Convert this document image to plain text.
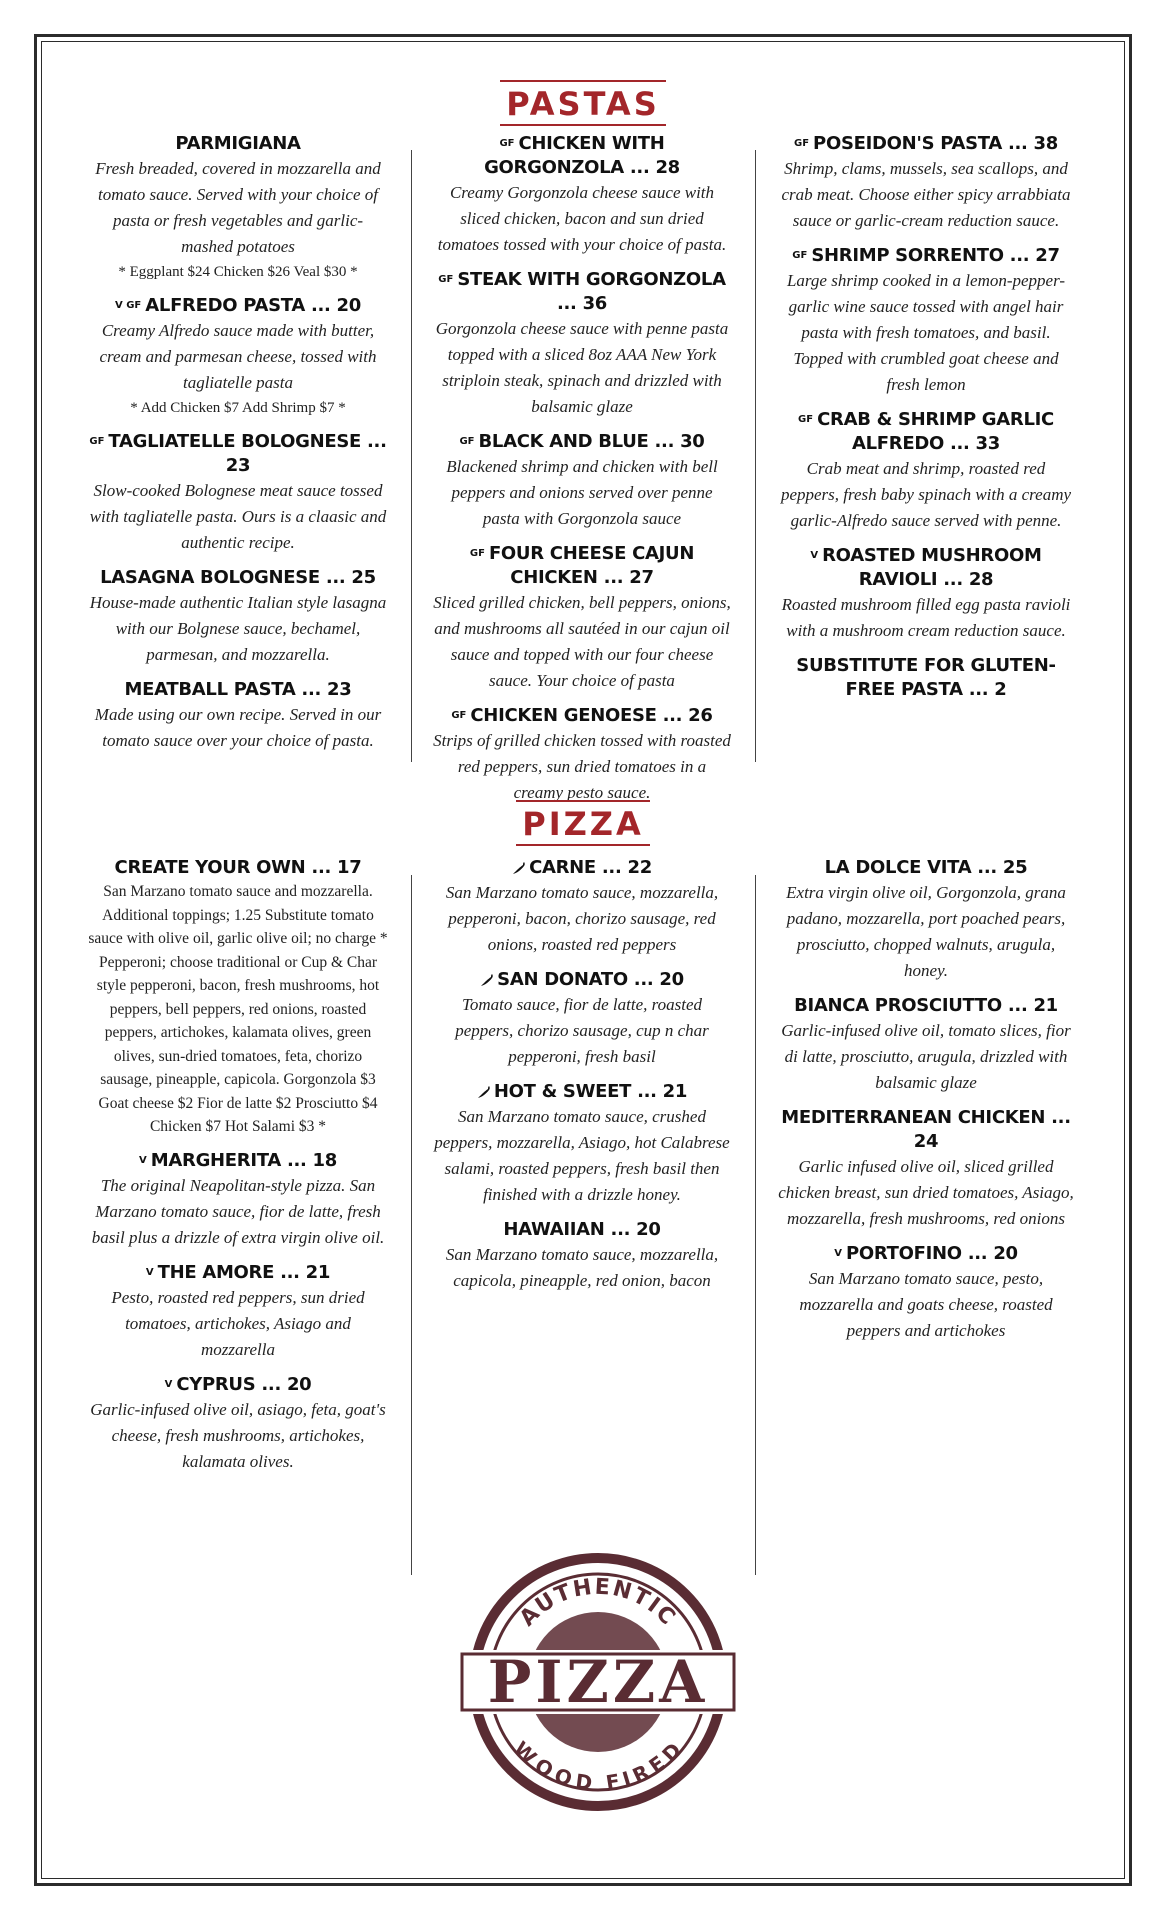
PASTAS
PARMIGIANA
Fresh breaded, covered in mozzarella and tomato sauce. Served with your choice of pasta or fresh vegetables and garlic-mashed potatoes
* Eggplant $24 Chicken $26 Veal $30 *
V GF ALFREDO PASTA ... 20
Creamy Alfredo sauce made with butter, cream and parmesan cheese, tossed with tagliatelle pasta
* Add Chicken $7 Add Shrimp $7 *
GF TAGLIATELLE BOLOGNESE ... 23
Slow-cooked Bolognese meat sauce tossed with tagliatelle pasta. Ours is a claasic and authentic recipe.
LASAGNA BOLOGNESE ... 25
House-made authentic Italian style lasagna with our Bolgnese sauce, bechamel, parmesan, and mozzarella.
MEATBALL PASTA ... 23
Made using our own recipe. Served in our tomato sauce over your choice of pasta.
GF CHICKEN WITH GORGONZOLA ... 28
Creamy Gorgonzola cheese sauce with sliced chicken, bacon and sun dried tomatoes tossed with your choice of pasta.
GF STEAK WITH GORGONZOLA ... 36
Gorgonzola cheese sauce with penne pasta topped with a sliced 8oz AAA New York striploin steak, spinach and drizzled with balsamic glaze
GF BLACK AND BLUE ... 30
Blackened shrimp and chicken with bell peppers and onions served over penne pasta with Gorgonzola sauce
GF FOUR CHEESE CAJUN CHICKEN ... 27
Sliced grilled chicken, bell peppers, onions, and mushrooms all sautéed in our cajun oil sauce and topped with our four cheese sauce. Your choice of pasta
GF CHICKEN GENOESE ... 26
Strips of grilled chicken tossed with roasted red peppers, sun dried tomatoes in a creamy pesto sauce.
GF POSEIDON'S PASTA ... 38
Shrimp, clams, mussels, sea scallops, and crab meat. Choose either spicy arrabbiata sauce or garlic-cream reduction sauce.
GF SHRIMP SORRENTO ... 27
Large shrimp cooked in a lemon-pepper-garlic wine sauce tossed with angel hair pasta with fresh tomatoes, and basil. Topped with crumbled goat cheese and fresh lemon
GF CRAB & SHRIMP GARLIC ALFREDO ... 33
Crab meat and shrimp, roasted red peppers, fresh baby spinach with a creamy garlic-Alfredo sauce served with penne.
V ROASTED MUSHROOM RAVIOLI ... 28
Roasted mushroom filled egg pasta ravioli with a mushroom cream reduction sauce.
SUBSTITUTE FOR GLUTEN-FREE PASTA ... 2
PIZZA
CREATE YOUR OWN ... 17
San Marzano tomato sauce and mozzarella. Additional toppings; 1.25 Substitute tomato sauce with olive oil, garlic olive oil; no charge * Pepperoni; choose traditional or Cup & Char style pepperoni, bacon, fresh mushrooms, hot peppers, bell peppers, red onions, roasted peppers, artichokes, kalamata olives, green olives, sun-dried tomatoes, feta, chorizo sausage, pineapple, capicola. Gorgonzola $3 Goat cheese $2 Fior de latte $2 Prosciutto $4 Chicken $7 Hot Salami $3 *
V MARGHERITA ... 18
The original Neapolitan-style pizza. San Marzano tomato sauce, fior de latte, fresh basil plus a drizzle of extra virgin olive oil.
V THE AMORE ... 21
Pesto, roasted red peppers, sun dried tomatoes, artichokes, Asiago and mozzarella
V CYPRUS ... 20
Garlic-infused olive oil, asiago, feta, goat's cheese, fresh mushrooms, artichokes, kalamata olives.
CARNE ... 22
San Marzano tomato sauce, mozzarella, pepperoni, bacon, chorizo sausage, red onions, roasted red peppers
SAN DONATO ... 20
Tomato sauce, fior de latte, roasted peppers, chorizo sausage, cup n char pepperoni, fresh basil
HOT & SWEET ... 21
San Marzano tomato sauce, crushed peppers, mozzarella, Asiago, hot Calabrese salami, roasted peppers, fresh basil then finished with a drizzle honey.
HAWAIIAN ... 20
San Marzano tomato sauce, mozzarella, capicola, pineapple, red onion, bacon
LA DOLCE VITA ... 25
Extra virgin olive oil, Gorgonzola, grana padano, mozzarella, port poached pears, prosciutto, chopped walnuts, arugula, honey.
BIANCA PROSCIUTTO ... 21
Garlic-infused olive oil, tomato slices, fior di latte, prosciutto, arugula, drizzled with balsamic glaze
MEDITERRANEAN CHICKEN ... 24
Garlic infused olive oil, sliced grilled chicken breast, sun dried tomatoes, Asiago, mozzarella, fresh mushrooms, red onions
V PORTOFINO ... 20
San Marzano tomato sauce, pesto, mozzarella and goats cheese, roasted peppers and artichokes
AUTHENTIC
WOOD FIRED
PIZZA
